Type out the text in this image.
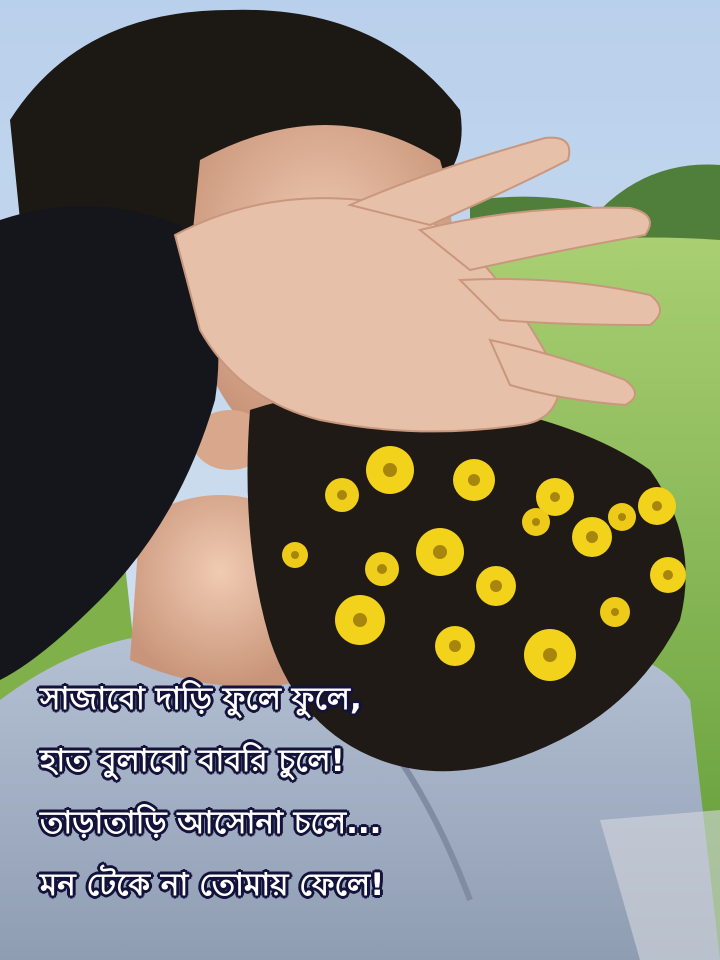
সাজাবো দাড়ি ফুলে ফুলে,
হাত বুলাবো বাবরি চুলে!
তাড়াতাড়ি আসোনা চলে...
মন টেকে না তোমায় ফেলে!
